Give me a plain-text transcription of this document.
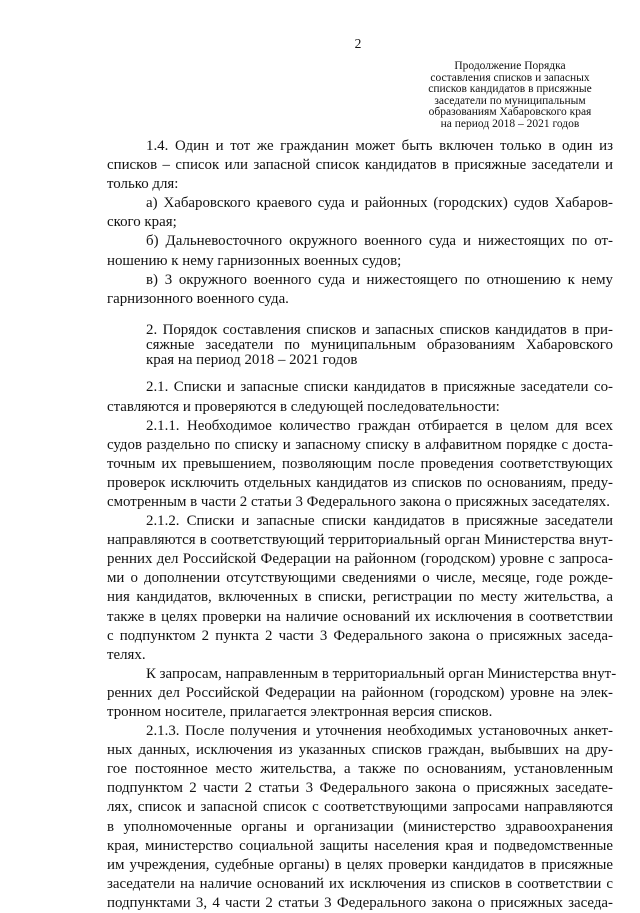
2
Продолжение Порядка
составления списков и запасных
списков кандидатов в присяжные
заседатели по муниципальным
образованиям Хабаровского края
на период 2018 – 2021 годов
1.4. Один и тот же гражданин может быть включен только в один из
списков – список или запасной список кандидатов в присяжные заседатели и
только для:
а) Хабаровского краевого суда и районных (городских) судов Хабаров-
ского края;
б) Дальневосточного окружного военного суда и нижестоящих по от-
ношению к нему гарнизонных военных судов;
в) 3 окружного военного суда и нижестоящего по отношению к нему
гарнизонного военного суда.
2. Порядок составления списков и запасных списков кандидатов в при-
сяжные заседатели по муниципальным образованиям Хабаровского
края на период 2018 – 2021 годов
2.1. Списки и запасные списки кандидатов в присяжные заседатели со-
ставляются и проверяются в следующей последовательности:
2.1.1. Необходимое количество граждан отбирается в целом для всех
судов раздельно по списку и запасному списку в алфавитном порядке с доста-
точным их превышением, позволяющим после проведения соответствующих
проверок исключить отдельных кандидатов из списков по основаниям, преду-
смотренным в части 2 статьи 3 Федерального закона о присяжных заседателях.
2.1.2. Списки и запасные списки кандидатов в присяжные заседатели
направляются в соответствующий территориальный орган Министерства внут-
ренних дел Российской Федерации на районном (городском) уровне с запроса-
ми о дополнении отсутствующими сведениями о числе, месяце, годе рожде-
ния кандидатов, включенных в списки, регистрации по месту жительства, а
также в целях проверки на наличие оснований их исключения в соответствии
с подпунктом 2 пункта 2 части 3 Федерального закона о присяжных заседа-
телях.
К запросам, направленным в территориальный орган Министерства внут-
ренних дел Российской Федерации на районном (городском) уровне на элек-
тронном носителе, прилагается электронная версия списков.
2.1.3. После получения и уточнения необходимых установочных анкет-
ных данных, исключения из указанных списков граждан, выбывших на дру-
гое постоянное место жительства, а также по основаниям, установленным
подпунктом 2 части 2 статьи 3 Федерального закона о присяжных заседате-
лях, список и запасной список с соответствующими запросами направляются
в уполномоченные органы и организации (министерство здравоохранения
края, министерство социальной защиты населения края и подведомственные
им учреждения, судебные органы) в целях проверки кандидатов в присяжные
заседатели на наличие оснований их исключения из списков в соответствии с
подпунктами 3, 4 части 2 статьи 3 Федерального закона о присяжных заседа-
